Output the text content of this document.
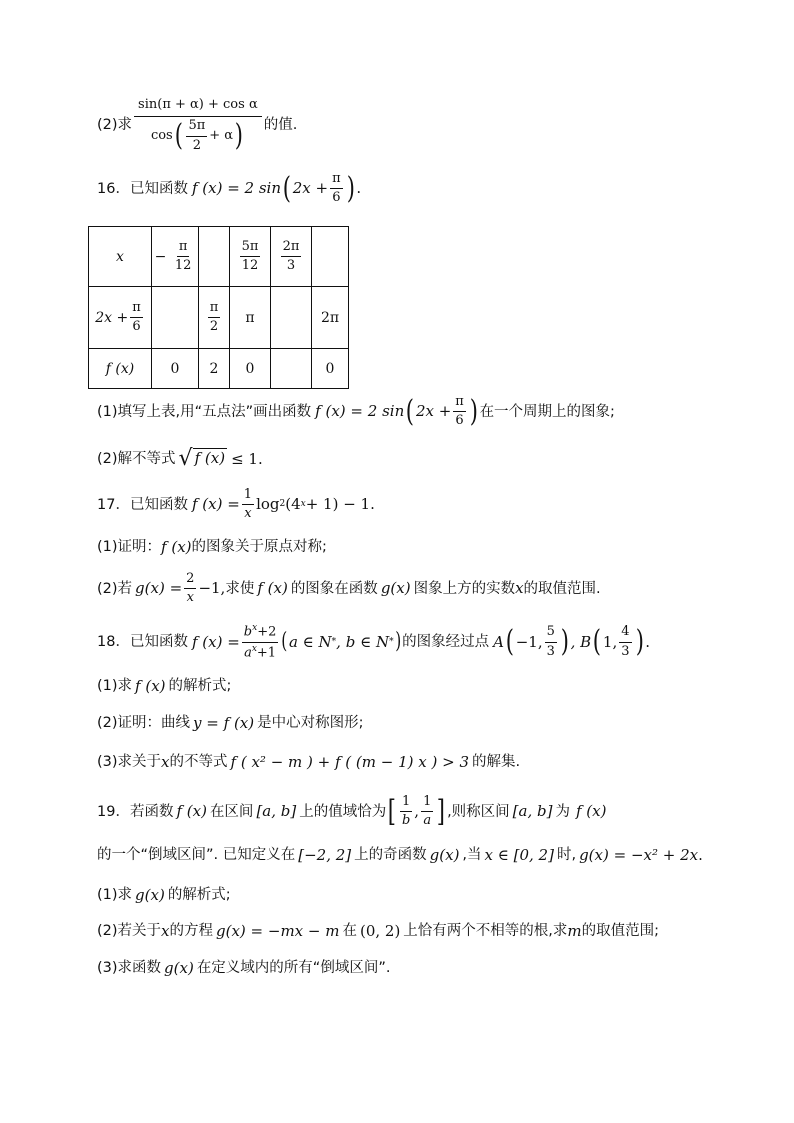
(2)求
sin(π + α) + cos α
cos ( $\frac{5\pi}{2} + \alpha$ ) 的值.
16． 已知函数 f (x) = 2 sin ( $2x + \frac{\pi}{6}$ ) .
x	− $\frac{\pi}{12}$		$\frac{5\pi}{12}$	$\frac{2\pi}{3}$

$2x + \frac{\pi}{6}$		$\frac{\pi}{2}$	π		2π
f (x)	0	2	0		0
(1)填写上表,用“五点法”画出函数 f (x) = 2 sin ( $2x + \frac{\pi}{6}$ ) 在一个周期上的图象;
(2)解不等式 √ f (x) ≤ 1.
17． 已知函数 f $(x) = \frac{1}{x}$ log 2 (4 x + 1) − 1.
(1)证明： f (x) 的图象关于原点对称;
(2)若 $g(x) = \frac{2}{x} -1$, 求使 f (x) 的图象在函数 g(x) 图象上方的实数 x 的取值范围.
18． 已知函数 f $(x) = \frac{b^x+2}{a^x+1}$ ( a ∈ N * , b ∈ N * ) 的图象经过点 A ( −1, $\frac{5}{3}$ ) , B ( 1, $\frac{4}{3}$ ) .
(1)求 f (x) 的解析式;
(2)证明：曲线 y = f (x) 是中心对称图形;
(3)求关于 x 的不等式 f ( x² − m ) + f ( (m − 1) x ) > 3 的解集.
19． 若函数 f (x) 在区间 [a, b] 上的值域恰为 [ $\frac{1}{b}$ , $\frac{1}{a}$ ] ,则称区间 [a, b] 为 f (x)
的一个“倒域区间”. 已知定义在 [−2, 2] 上的奇函数 g(x) ,当 x ∈ [0, 2] 时, g(x) = −x² + 2x .
(1)求 g(x) 的解析式;
(2)若关于 x 的方程 g(x) = −mx − m 在 (0, 2) 上恰有两个不相等的根,求 m 的取值范围;
(3)求函数 g(x) 在定义域内的所有“倒域区间”.
